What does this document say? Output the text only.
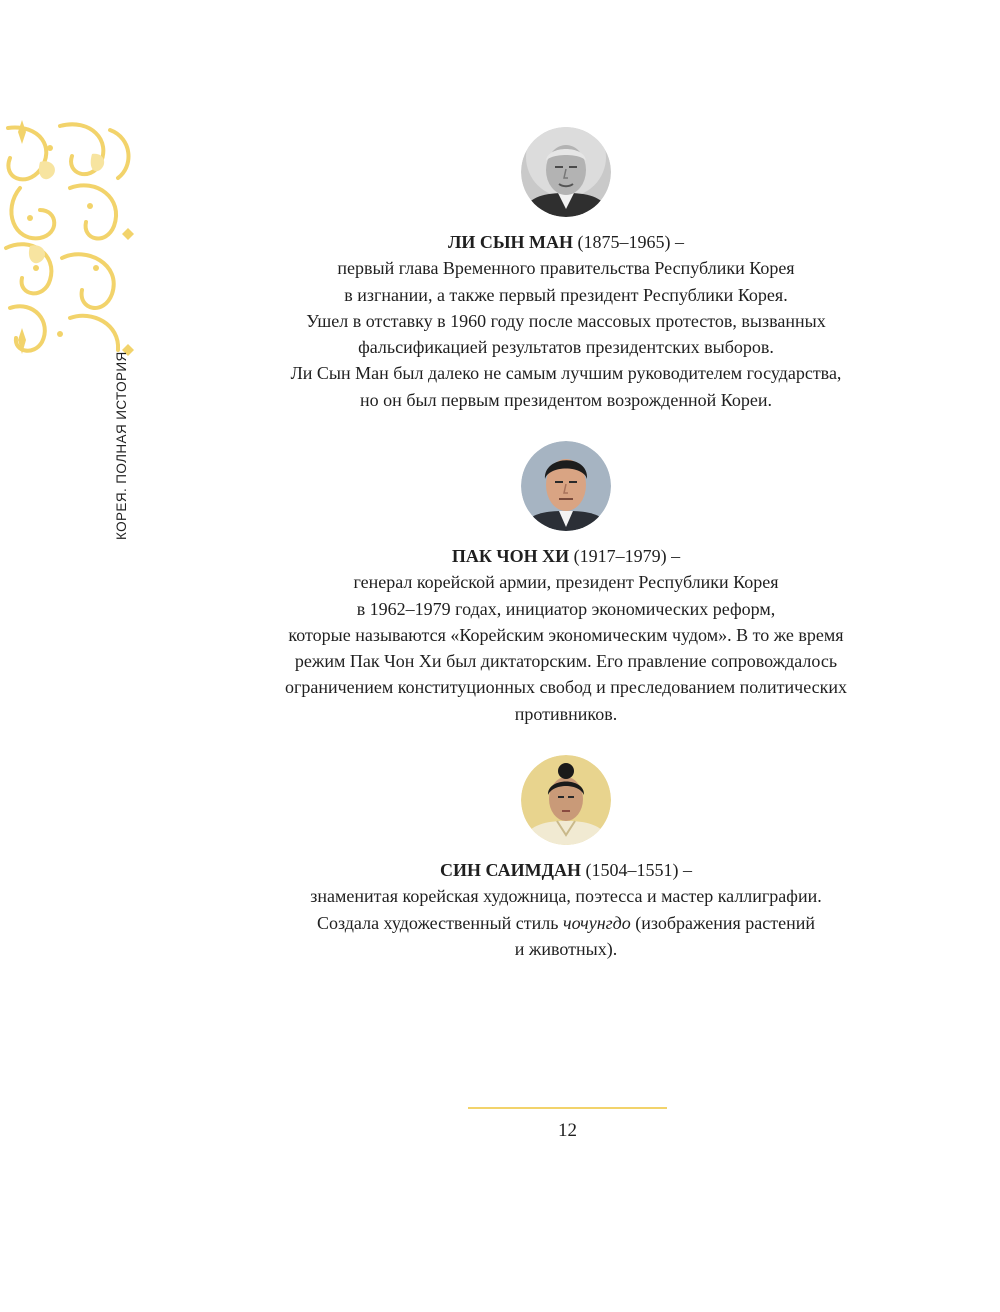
КОРЕЯ. ПОЛНАЯ ИСТОРИЯ

ЛИ СЫН МАН (1875–1965) –
первый глава Временного правительства Республики Корея
в изгнании, а также первый президент Республики Корея.
Ушел в отставку в 1960 году после массовых протестов, вызванных
фальсификацией результатов президентских выборов.
Ли Сын Ман был далеко не самым лучшим руководителем государства,
но он был первым президентом возрожденной Кореи.

ПАК ЧОН ХИ (1917–1979) –
генерал корейской армии, президент Республики Корея
в 1962–1979 годах, инициатор экономических реформ,
которые называются «Корейским экономическим чудом». В то же время
режим Пак Чон Хи был диктаторским. Его правление сопровождалось
ограничением конституционных свобод и преследованием политических
противников.

СИН САИМДАН (1504–1551) –
знаменитая корейская художница, поэтесса и мастер каллиграфии.
Создала художественный стиль чочунгдо (изображения растений
и животных).

12
